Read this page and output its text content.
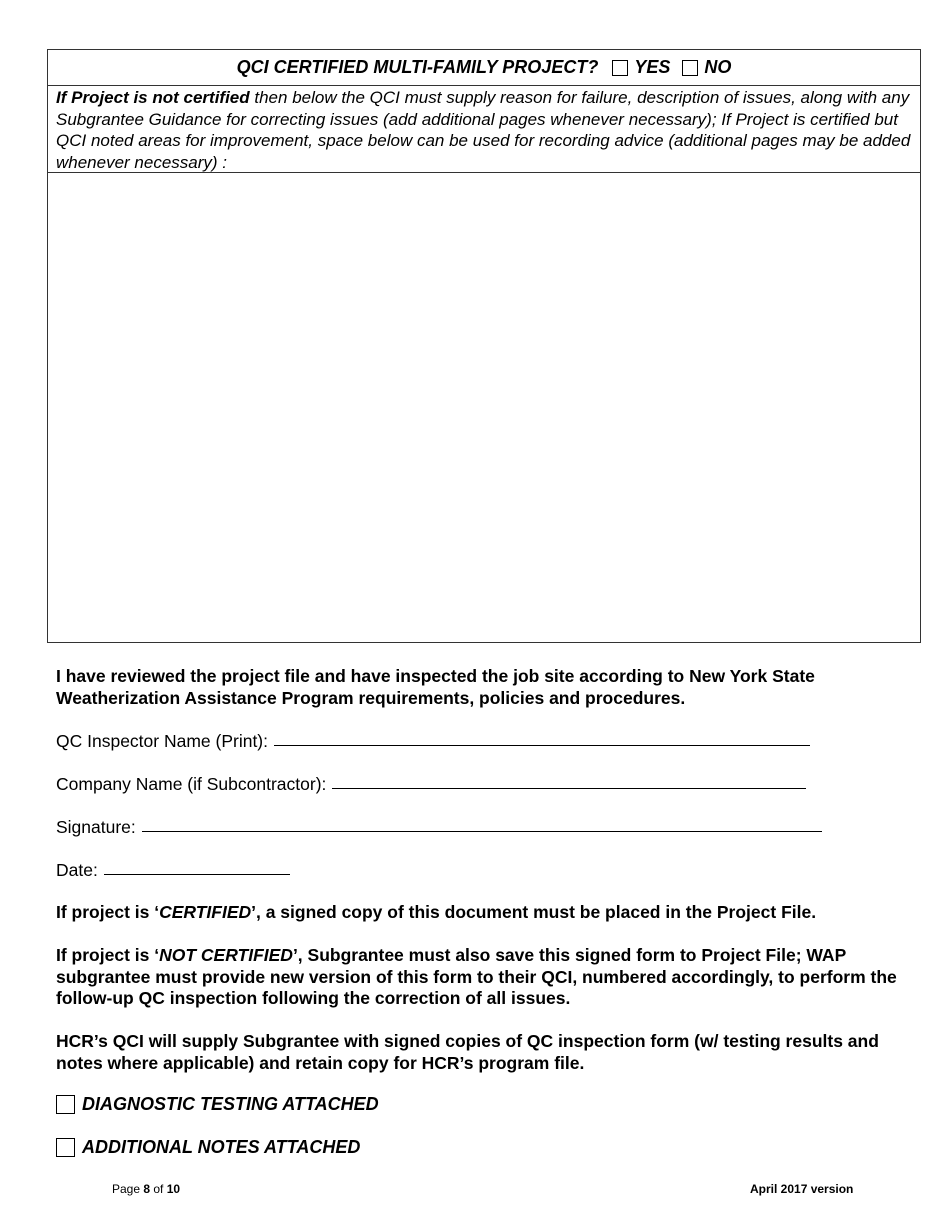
QCI CERTIFIED MULTI-FAMILY PROJECT? YES NO
If Project is not certified then below the QCI must supply reason for failure, description of issues, along with any Subgrantee Guidance for correcting issues (add additional pages whenever necessary); If Project is certified but QCI noted areas for improvement, space below can be used for recording advice (additional pages may be added whenever necessary) :
I have reviewed the project file and have inspected the job site according to New York State Weatherization Assistance Program requirements, policies and procedures.
QC Inspector Name (Print):
Company Name (if Subcontractor):
Signature:
Date:
If project is ‘CERTIFIED’, a signed copy of this document must be placed in the Project File.
If project is ‘NOT CERTIFIED’, Subgrantee must also save this signed form to Project File; WAP subgrantee must provide new version of this form to their QCI, numbered accordingly, to perform the follow-up QC inspection following the correction of all issues.
HCR’s QCI will supply Subgrantee with signed copies of QC inspection form (w/ testing results and notes where applicable) and retain copy for HCR’s program file.
DIAGNOSTIC TESTING ATTACHED
ADDITIONAL NOTES ATTACHED
Page 8 of 10	April 2017 version
